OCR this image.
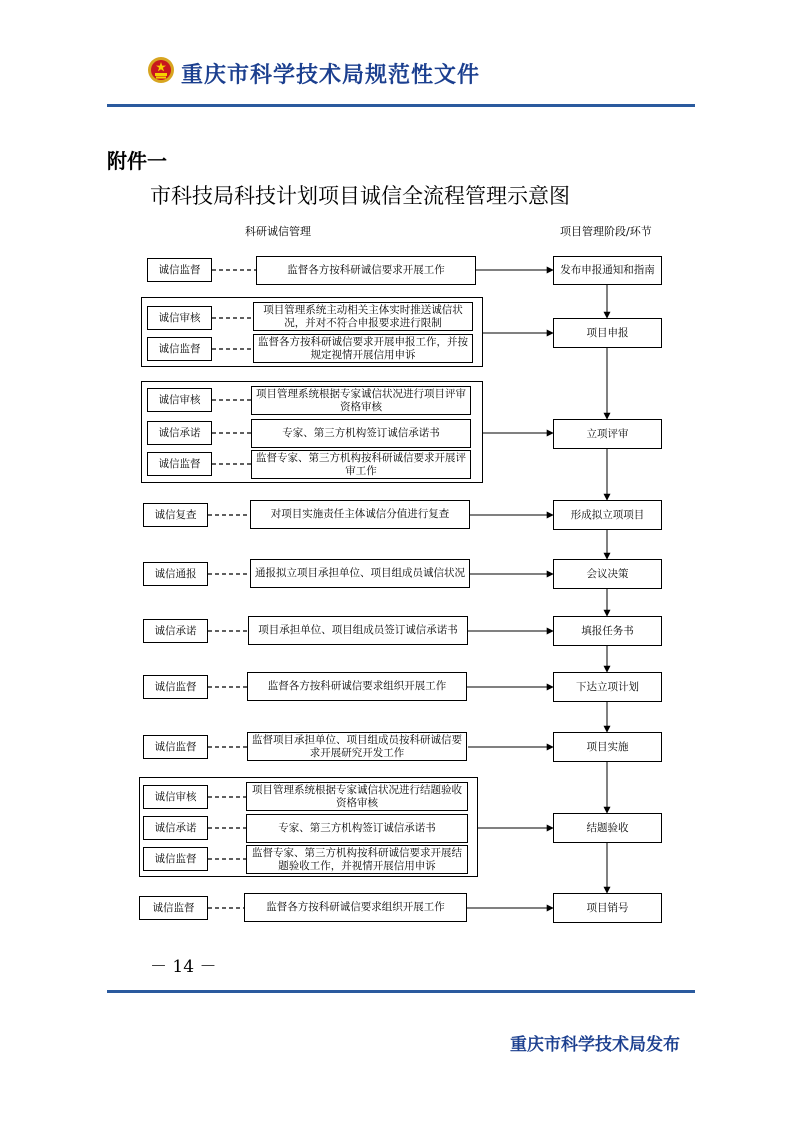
重庆市科学技术局规范性文件
附件一
市科技局科技计划项目诚信全流程管理示意图
科研诚信管理	项目管理阶段/环节
发布申报通知和指南
项目申报
立项评审
形成拟立项项目
会议决策
填报任务书
下达立项计划
项目实施
结题验收
项目销号
诚信监督	监督各方按科研诚信要求开展工作
诚信审核
项目管理系统主动相关主体实时推送诚信状况，并对不符合申报要求进行限制
诚信监督
监督各方按科研诚信要求开展申报工作，并按规定视情开展信用申诉
诚信审核	项目管理系统根据专家诚信状况进行项目评审资格审核
诚信承诺	专家、第三方机构签订诚信承诺书
诚信监督	监督专家、第三方机构按科研诚信要求开展评审工作
诚信复查	对项目实施责任主体诚信分值进行复查
诚信通报	通报拟立项目承担单位、项目组成员诚信状况
诚信承诺	项目承担单位、项目组成员签订诚信承诺书
诚信监督	监督各方按科研诚信要求组织开展工作
诚信监督
监督项目承担单位、项目组成员按科研诚信要求开展研究开发工作
诚信审核
项目管理系统根据专家诚信状况进行结题验收资格审核
诚信承诺	专家、第三方机构签订诚信承诺书
诚信监督	监督专家、第三方机构按科研诚信要求开展结题验收工作，并视情开展信用申诉
诚信监督	监督各方按科研诚信要求组织开展工作
－ 14 －
重庆市科学技术局发布
